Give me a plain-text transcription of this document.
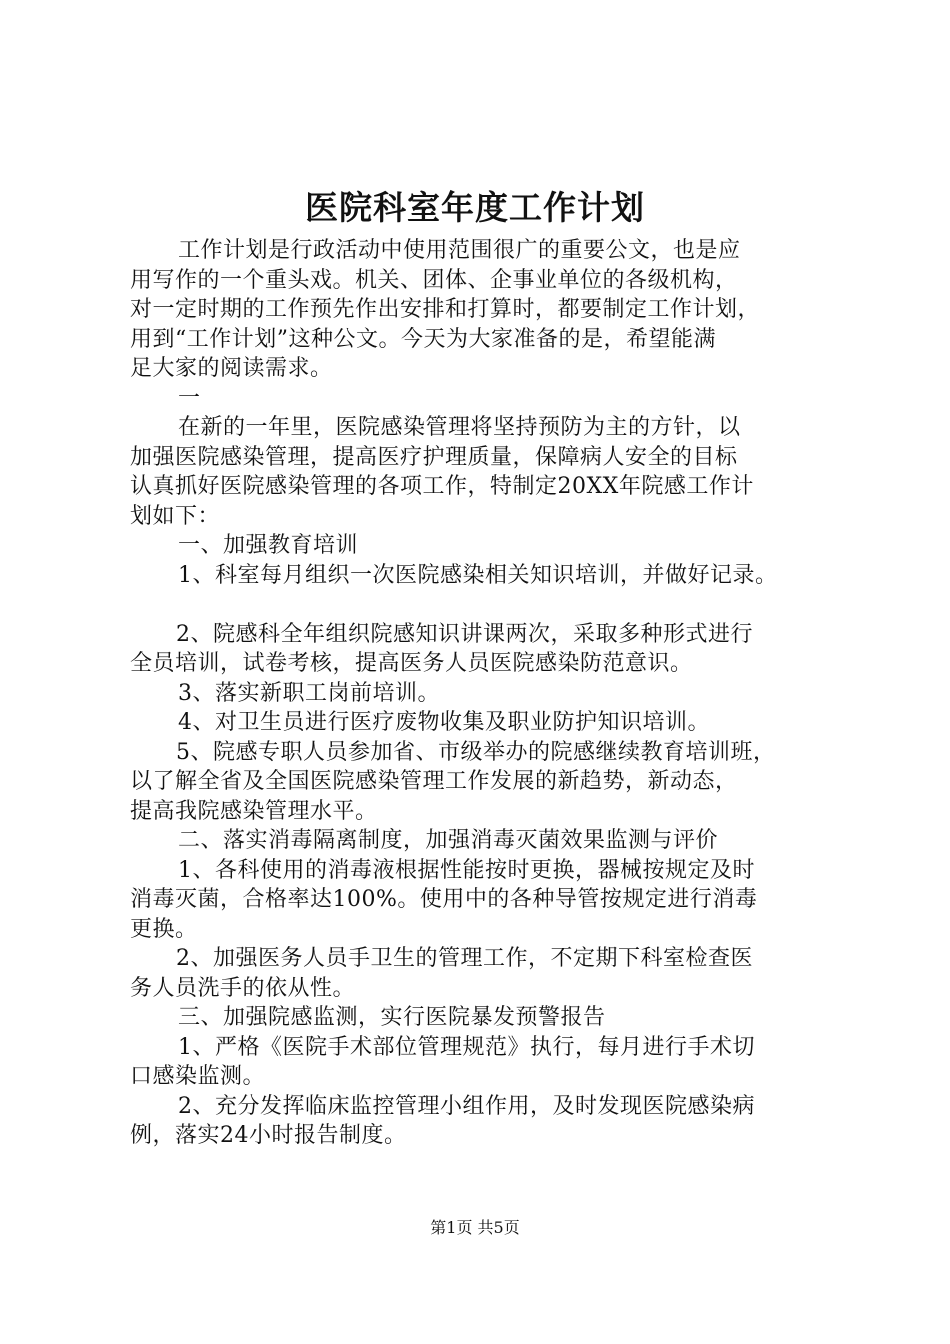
医院科室年度工作计划
工作计划是行政活动中使用范围很广的重要公文，也是应
用写作的一个重头戏。机关、团体、企事业单位的各级机构，
对一定时期的工作预先作出安排和打算时，都要制定工作计划，
用到“工作计划”这种公文。今天为大家准备的是，希望能满
足大家的阅读需求。
一
在新的一年里，医院感染管理将坚持预防为主的方针，以
加强医院感染管理，提高医疗护理质量，保障病人安全的目标
认真抓好医院感染管理的各项工作，特制定20XX年院感工作计
划如下：
一、加强教育培训
1、科室每月组织一次医院感染相关知识培训，并做好记录。
2、院感科全年组织院感知识讲课两次，采取多种形式进行
全员培训，试卷考核，提高医务人员医院感染防范意识。
3、落实新职工岗前培训。
4、对卫生员进行医疗废物收集及职业防护知识培训。
5、院感专职人员参加省、市级举办的院感继续教育培训班，
以了解全省及全国医院感染管理工作发展的新趋势，新动态，
提高我院感染管理水平。
二、落实消毒隔离制度，加强消毒灭菌效果监测与评价
1、各科使用的消毒液根据性能按时更换，器械按规定及时
消毒灭菌，合格率达100%。使用中的各种导管按规定进行消毒
更换。
2、加强医务人员手卫生的管理工作，不定期下科室检查医
务人员洗手的依从性。
三、加强院感监测，实行医院暴发预警报告
1、严格《医院手术部位管理规范》执行，每月进行手术切
口感染监测。
2、充分发挥临床监控管理小组作用，及时发现医院感染病
例，落实24小时报告制度。
第1页 共5页
